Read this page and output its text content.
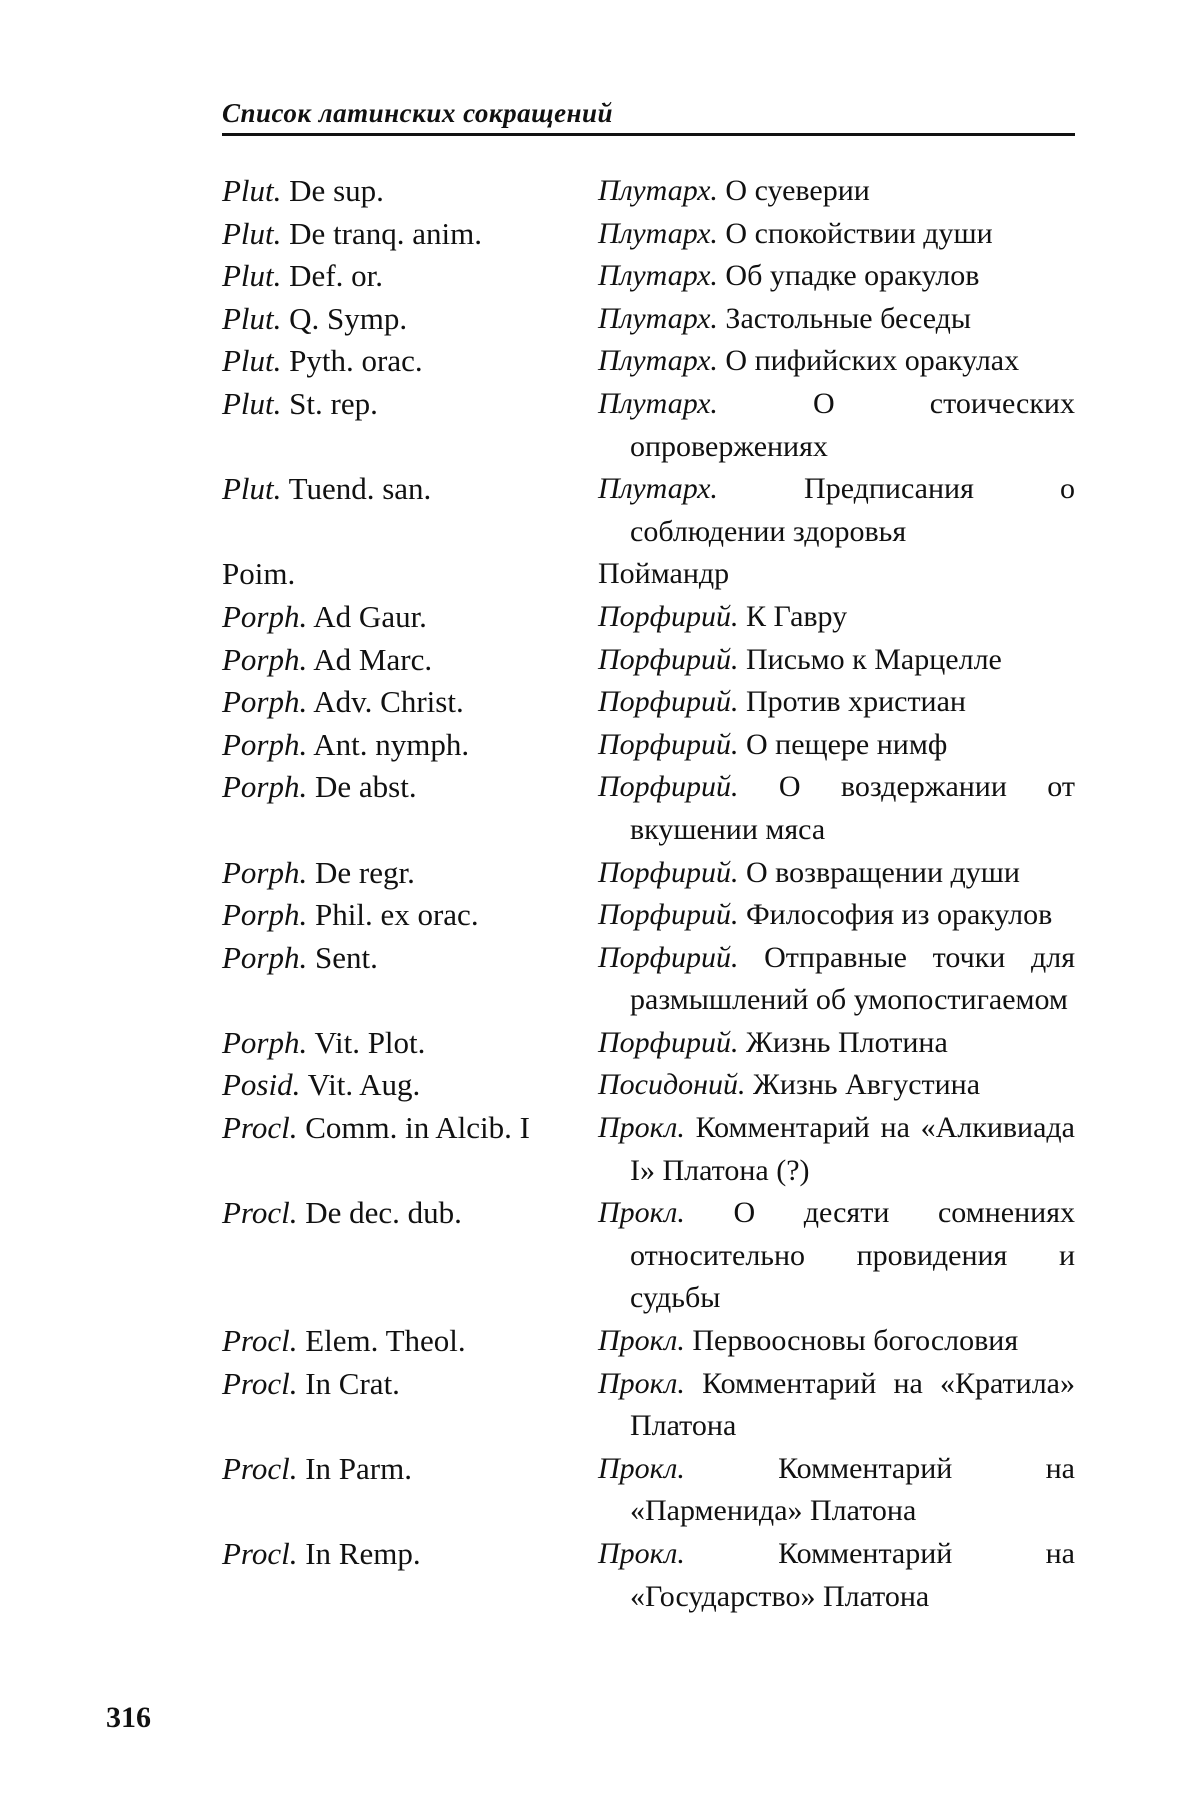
Список латинских сокращений
Plut. De sup.	Плутарх. О суеверии
Plut. De tranq. anim.	Плутарх. О спокойствии души
Plut. Def. or.	Плутарх. Об упадке оракулов
Plut. Q. Symp.	Плутарх. Застольные беседы
Plut. Pyth. orac.	Плутарх. О пифийских оракулах
Plut. St. rep.	Плутарх. О стоических опровержениях
Plut. Tuend. san.	Плутарх. Предписания о соблюдении здоровья
Poim.	Поймандр
Porph. Ad Gaur.	Порфирий. К Гавру
Porph. Ad Marc.	Порфирий. Письмо к Марцелле
Porph. Adv. Christ.	Порфирий. Против христиан
Porph. Ant. nymph.	Порфирий. О пещере нимф
Porph. De abst.	Порфирий. О воздержании от вкушении мяса
Porph. De regr.	Порфирий. О возвращении души
Porph. Phil. ex orac.	Порфирий. Философия из оракулов
Porph. Sent.	Порфирий. Отправные точки для размышлений об умопостигаемом
Porph. Vit. Plot.	Порфирий. Жизнь Плотина
Posid. Vit. Aug.	Посидоний. Жизнь Августина
Procl. Comm. in Alcib. I	Прокл. Комментарий на «Алкивиада I» Платона (?)
Procl. De dec. dub.	Прокл. О десяти сомнениях относительно провидения и судьбы
Procl. Elem. Theol.	Прокл. Первоосновы богословия
Procl. In Crat.	Прокл. Комментарий на «Кратила» Платона
Procl. In Parm.	Прокл. Комментарий на «Парменида» Платона
Procl. In Remp.	Прокл. Комментарий на «Государство» Платона
316
